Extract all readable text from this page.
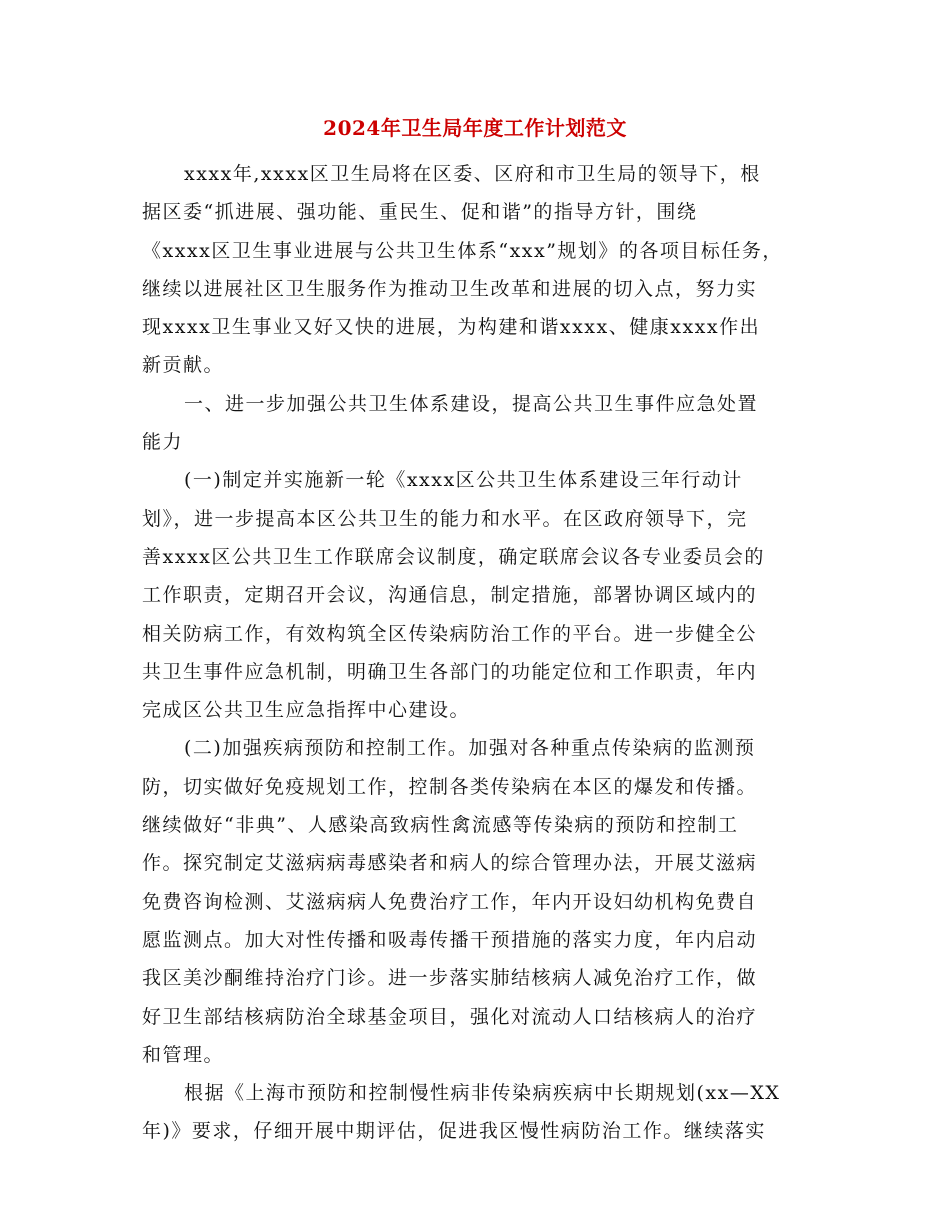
2024年卫生局年度工作计划范文

xxxx年,xxxx区卫生局将在区委、区府和市卫生局的领导下，根
据区委“抓进展、强功能、重民生、促和谐”的指导方针，围绕
《xxxx区卫生事业进展与公共卫生体系“xxx”规划》的各项目标任务，
继续以进展社区卫生服务作为推动卫生改革和进展的切入点，努力实
现xxxx卫生事业又好又快的进展，为构建和谐xxxx、健康xxxx作出
新贡献。

一、进一步加强公共卫生体系建设，提高公共卫生事件应急处置
能力

(一)制定并实施新一轮《xxxx区公共卫生体系建设三年行动计
划》，进一步提高本区公共卫生的能力和水平。在区政府领导下，完
善xxxx区公共卫生工作联席会议制度，确定联席会议各专业委员会的
工作职责，定期召开会议，沟通信息，制定措施，部署协调区域内的
相关防病工作，有效构筑全区传染病防治工作的平台。进一步健全公
共卫生事件应急机制，明确卫生各部门的功能定位和工作职责，年内
完成区公共卫生应急指挥中心建设。

(二)加强疾病预防和控制工作。加强对各种重点传染病的监测预
防，切实做好免疫规划工作，控制各类传染病在本区的爆发和传播。
继续做好“非典”、人感染高致病性禽流感等传染病的预防和控制工
作。探究制定艾滋病病毒感染者和病人的综合管理办法，开展艾滋病
免费咨询检测、艾滋病病人免费治疗工作，年内开设妇幼机构免费自
愿监测点。加大对性传播和吸毒传播干预措施的落实力度，年内启动
我区美沙酮维持治疗门诊。进一步落实肺结核病人减免治疗工作，做
好卫生部结核病防治全球基金项目，强化对流动人口结核病人的治疗
和管理。

根据《上海市预防和控制慢性病非传染病疾病中长期规划(xx—XX
年)》要求，仔细开展中期评估，促进我区慢性病防治工作。继续落实
